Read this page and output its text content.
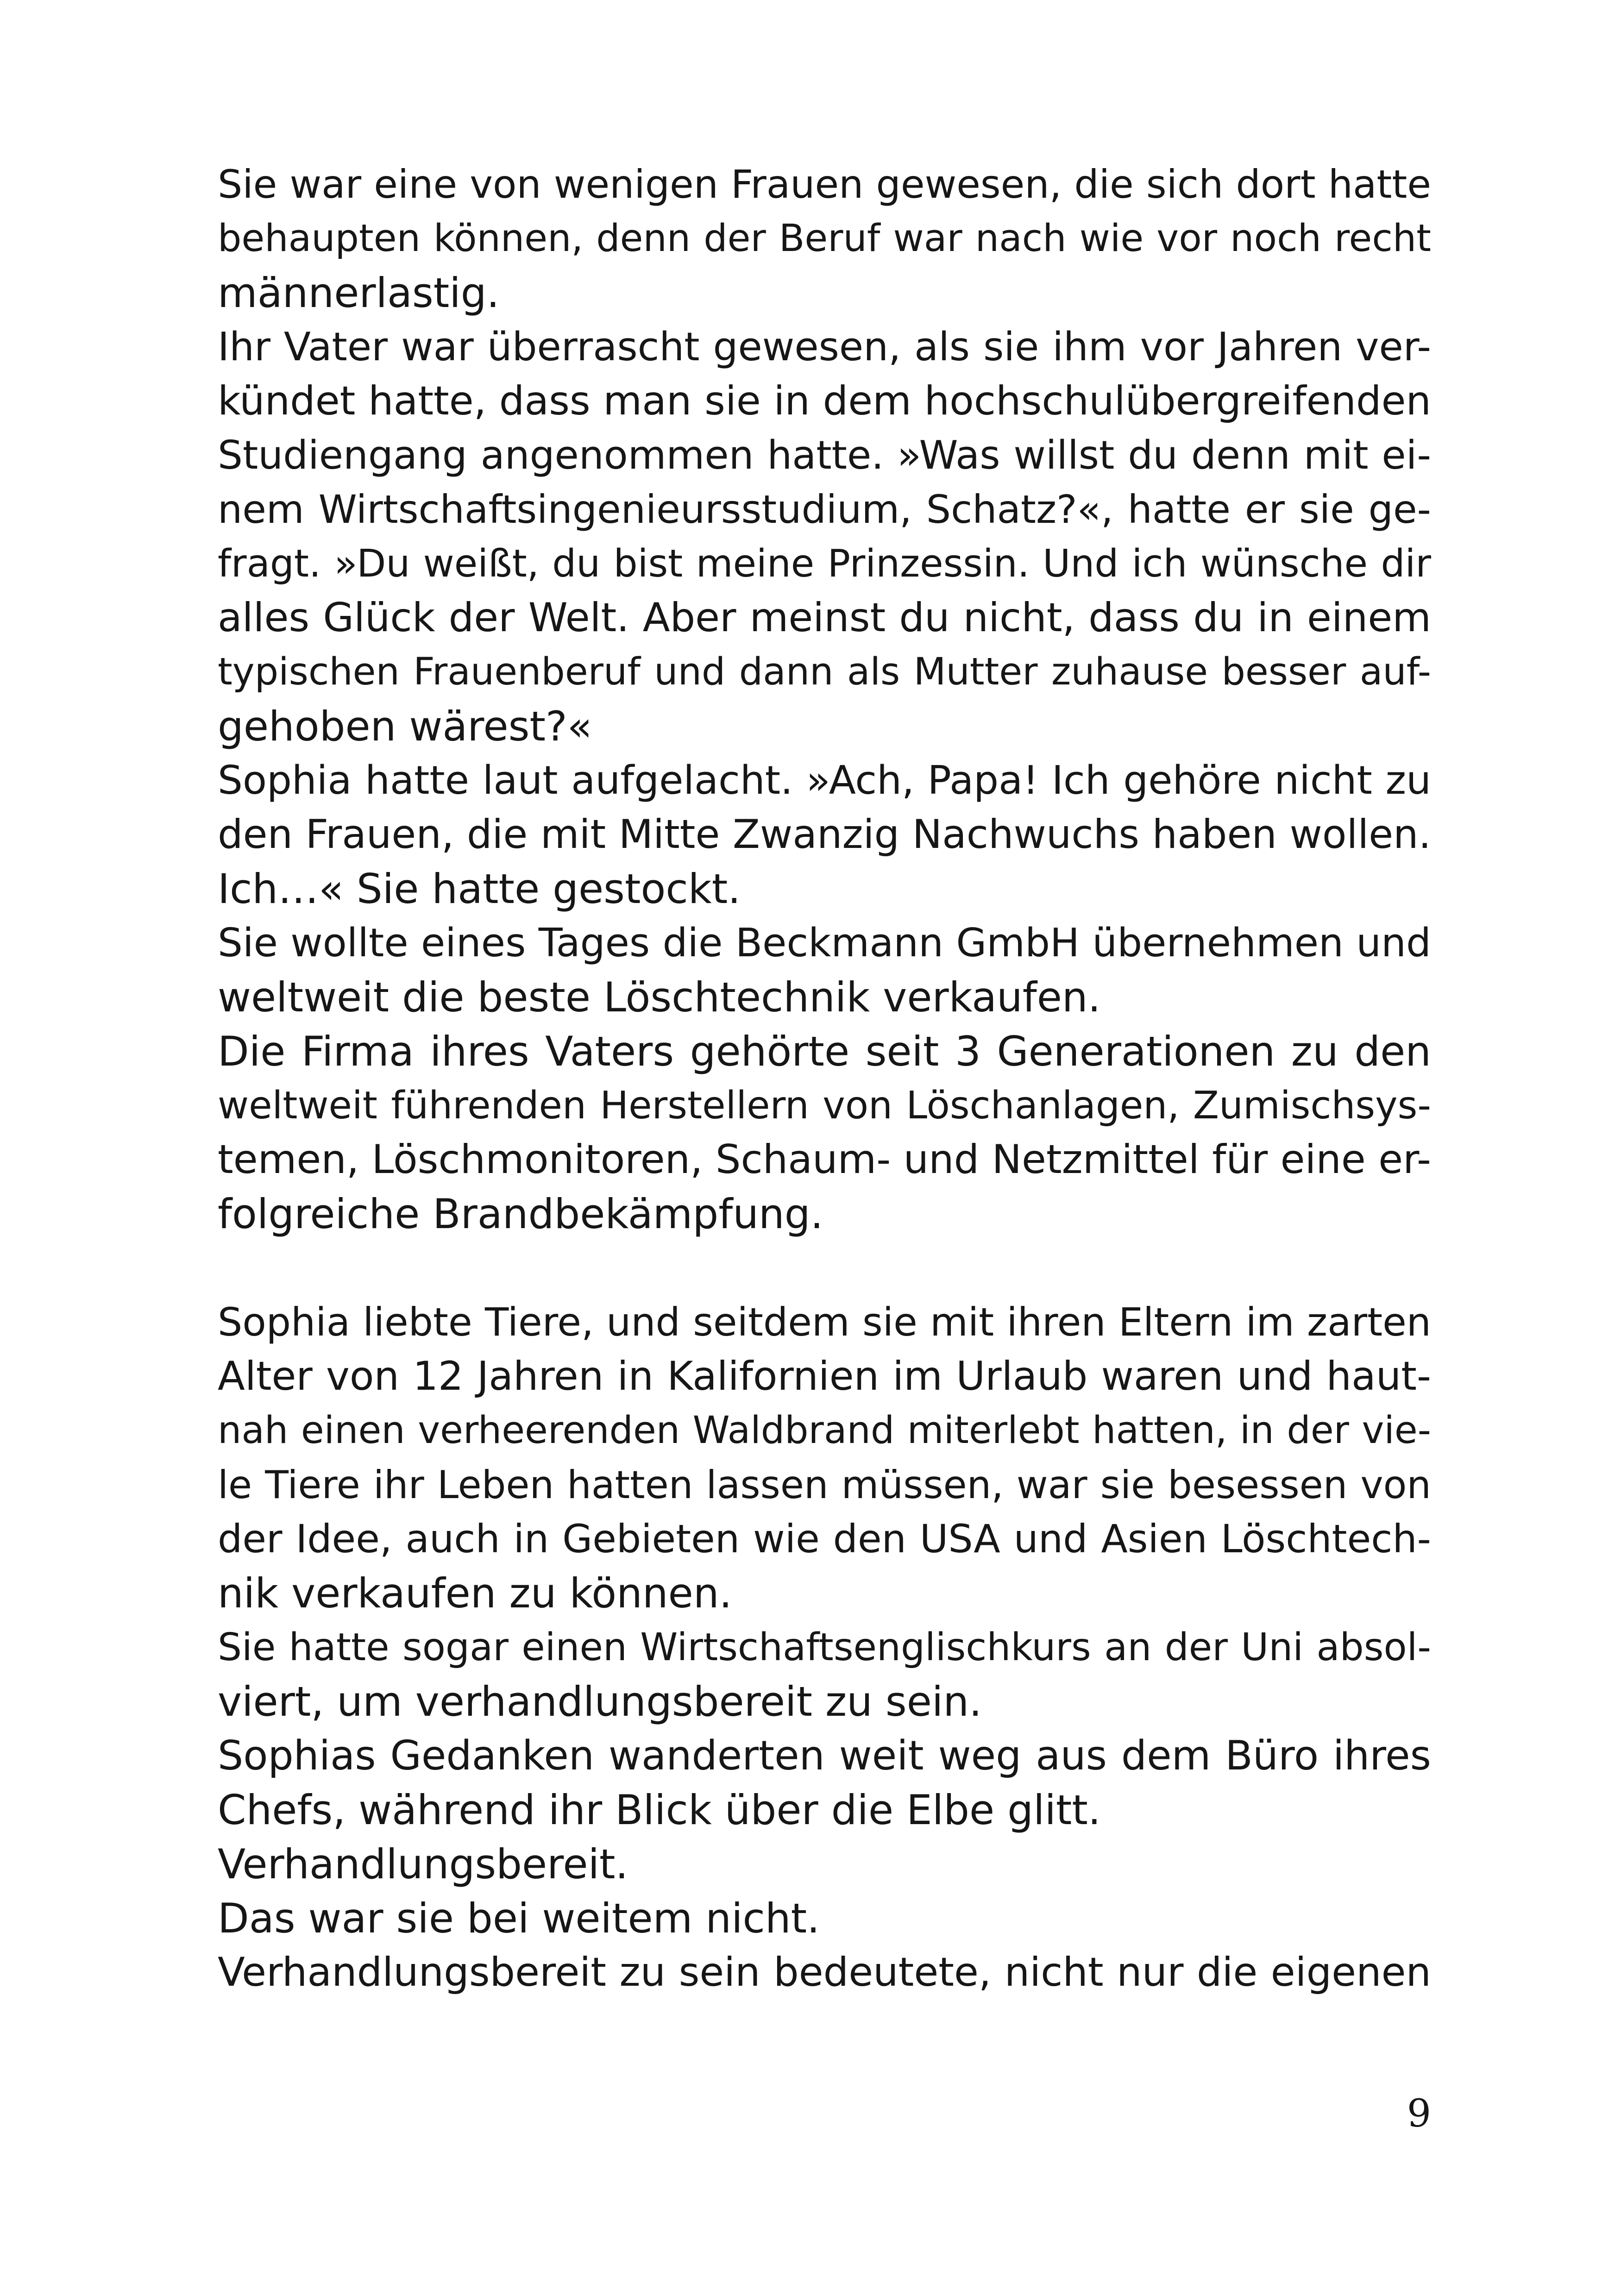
Sie war eine von wenigen Frauen gewesen, die sich dort hatte
behaupten können, denn der Beruf war nach wie vor noch recht
männerlastig.
Ihr Vater war überrascht gewesen, als sie ihm vor Jahren ver-
kündet hatte, dass man sie in dem hochschulübergreifenden
Studiengang angenommen hatte. »Was willst du denn mit ei-
nem Wirtschaftsingenieursstudium, Schatz?«, hatte er sie ge-
fragt. »Du weißt, du bist meine Prinzessin. Und ich wünsche dir
alles Glück der Welt. Aber meinst du nicht, dass du in einem
typischen Frauenberuf und dann als Mutter zuhause besser auf-
gehoben wärest?«
Sophia hatte laut aufgelacht. »Ach, Papa! Ich gehöre nicht zu
den Frauen, die mit Mitte Zwanzig Nachwuchs haben wollen.
Ich…« Sie hatte gestockt.
Sie wollte eines Tages die Beckmann GmbH übernehmen und
weltweit die beste Löschtechnik verkaufen.
Die Firma ihres Vaters gehörte seit 3 Generationen zu den
weltweit führenden Herstellern von Löschanlagen, Zumischsys-
temen, Löschmonitoren, Schaum- und Netzmittel für eine er-
folgreiche Brandbekämpfung.
Sophia liebte Tiere, und seitdem sie mit ihren Eltern im zarten
Alter von 12 Jahren in Kalifornien im Urlaub waren und haut-
nah einen verheerenden Waldbrand miterlebt hatten, in der vie-
le Tiere ihr Leben hatten lassen müssen, war sie besessen von
der Idee, auch in Gebieten wie den USA und Asien Löschtech-
nik verkaufen zu können.
Sie hatte sogar einen Wirtschaftsenglischkurs an der Uni absol-
viert, um verhandlungsbereit zu sein.
Sophias Gedanken wanderten weit weg aus dem Büro ihres
Chefs, während ihr Blick über die Elbe glitt.
Verhandlungsbereit.
Das war sie bei weitem nicht.
Verhandlungsbereit zu sein bedeutete, nicht nur die eigenen
9
